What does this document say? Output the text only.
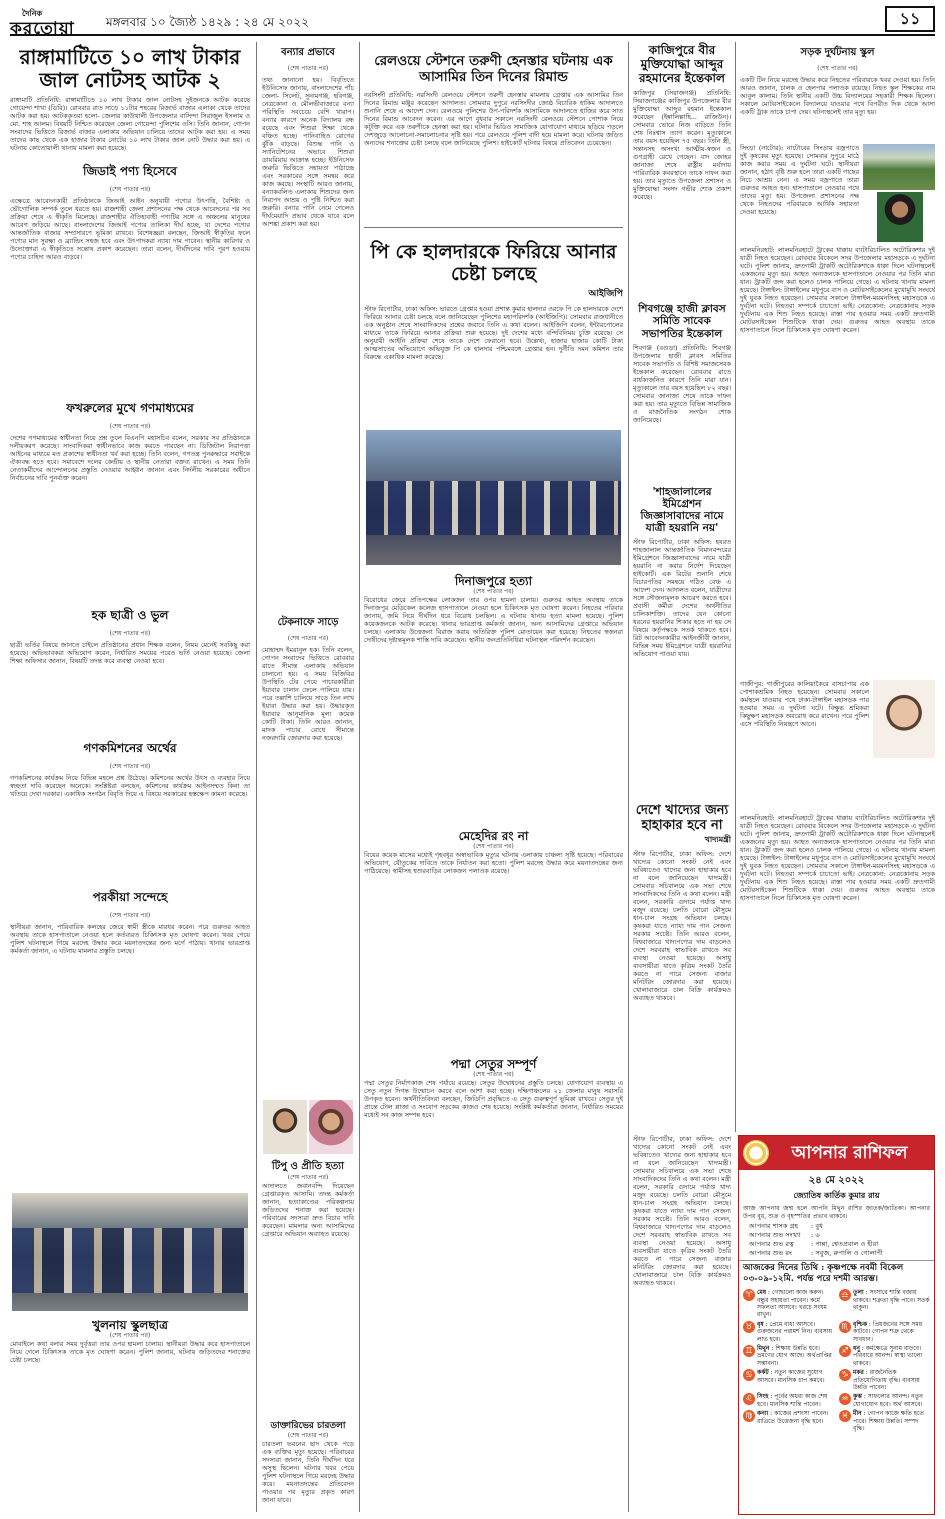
দৈনিক
করতোয়া	মঙ্গলবার ১০ জ্যৈষ্ঠ ১৪২৯ : ২৪ মে ২০২২	১১
রাঙ্গামাটিতে ১০ লাখ টাকার জাল নোটসহ আটক ২
রাঙ্গামাটি প্রতিনিধি: রাঙ্গামাটিতে ১০ লাখ টাকার জাল নোটসহ দুইজনকে আটক করেছে গোয়েন্দা শাখা (ডিবি)। রোববার রাত সাড়ে ১১টার শহরের রিজার্ভ বাজার এলাকা থেকে তাদের আটক করা হয়। আটককৃতরা হলো- জেলার কাউখালী উপজেলার বাসিন্দা সিরাজুল ইসলাম ও মো. শাহ আলম। বিষয়টি নিশ্চিত করেছেন জেলা গোয়েন্দা পুলিশের ওসি। তিনি জানান, গোপন সংবাদের ভিত্তিতে রিজার্ভ বাজার এলাকায় অভিযান চালিয়ে তাদের আটক করা হয়। এ সময় তাদের কাছ থেকে এক হাজার টাকার নোটের ১০ লাখ টাকার জাল নোট উদ্ধার করা হয়। এ ঘটনায় কোতোয়ালী থানায় মামলা করা হয়েছে।
জিডাই পণ্য হিসেবে
(শেষ পাতার পর)
এক্ষেত্রে আবেদনকারী প্রতিষ্ঠানকে জিআই আইন অনুযায়ী পণ্যের উৎপত্তি, বৈশিষ্ট্য ও ভৌগোলিক সম্পর্ক তুলে ধরতে হয়। রাজশাহী জেলা প্রশাসনের পক্ষ থেকে আবেদনের পর সব প্রক্রিয়া শেষে এ স্বীকৃতি মিলেছে। রাজশাহীর ঐতিহ্যবাহী পণ্যটির সঙ্গে এ অঞ্চলের মানুষের আবেগ জড়িয়ে আছে। বাংলাদেশের জিআই পণ্যের তালিকা দীর্ঘ হচ্ছে, যা দেশের পণ্যের আন্তর্জাতিক বাজার সম্প্রসারণে ভূমিকা রাখবে। বিশেষজ্ঞরা বলছেন, জিআই স্বীকৃতির ফলে পণ্যের মান সুরক্ষা ও ব্র্যান্ডিং সহজ হবে এবং উৎপাদকরা ন্যায্য দাম পাবেন। স্থানীয় কারিগর ও উদ্যোক্তারা এ স্বীকৃতিতে সন্তোষ প্রকাশ করেছেন। তারা বলেন, দীর্ঘদিনের দাবি পূরণ হওয়ায় পণ্যের চাহিদা আরও বাড়বে।
ফখরুলের মুখে গণমাধ্যমের
(শেষ পাতার পর)
দেশের গণমাধ্যমের স্বাধীনতা নিয়ে প্রশ্ন তুলে বিএনপি মহাসচিব বলেন, সরকার সব প্রতিষ্ঠানকে দলীয়করণ করেছে। সাংবাদিকরা স্বাধীনভাবে কাজ করতে পারছেন না। ডিজিটাল নিরাপত্তা আইনের মাধ্যমে মত প্রকাশের স্বাধীনতা খর্ব করা হচ্ছে। তিনি বলেন, গণতন্ত্র পুনরুদ্ধারে সবাইকে ঐক্যবদ্ধ হতে হবে। সমাবেশে দলের কেন্দ্রীয় ও স্থানীয় নেতারা বক্তব্য রাখেন। এ সময় তিনি নেতাকর্মীদের আন্দোলনের প্রস্তুতি নেওয়ার আহ্বান জানান এবং নির্দলীয় সরকারের অধীনে নির্বাচনের দাবি পুনর্ব্যক্ত করেন।
হক ছাত্রী ও ভুল
(শেষ পাতার পর)
ছাত্রী ভর্তির বিষয়ে জানতে চাইলে প্রতিষ্ঠানের প্রধান শিক্ষক বলেন, নিয়ম মেনেই সবকিছু করা হয়েছে। অভিভাবকরা অভিযোগ করেন, নির্ধারিত সময়ের পরেও ভর্তি নেওয়া হয়েছে। জেলা শিক্ষা অফিসার জানান, বিষয়টি তদন্ত করে ব্যবস্থা নেওয়া হবে।
গণকমিশনের অর্থের
(শেষ পাতার পর)
গণকমিশনের কার্যক্রম নিয়ে বিভিন্ন মহলে প্রশ্ন উঠেছে। কমিশনের অর্থের উৎস ও ব্যবহার নিয়ে স্বচ্ছতা দাবি করেছেন অনেকে। সংশ্লিষ্টরা বলছেন, কমিশনের কার্যক্রম আইনসম্মত কিনা তা খতিয়ে দেখা দরকার। একাধিক সংগঠন বিবৃতি দিয়ে এ বিষয়ে সরকারের হস্তক্ষেপ কামনা করেছে।
পরকীয়া সন্দেহে
(শেষ পাতার পর)
স্থানীয়রা জানান, পারিবারিক কলহের জেরে স্বামী স্ত্রীকে মারধর করেন। পরে গুরুতর আহত অবস্থায় তাকে হাসপাতালে নেওয়া হলে কর্তব্যরত চিকিৎসক মৃত ঘোষণা করেন। খবর পেয়ে পুলিশ ঘটনাস্থলে গিয়ে মরদেহ উদ্ধার করে ময়নাতদন্তের জন্য মর্গে পাঠায়। থানার ভারপ্রাপ্ত কর্মকর্তা জানান, এ ঘটনায় মামলার প্রস্তুতি চলছে।
খুলনায় স্কুলছাত্র
(শেষ পাতার পর)
মোবাইলে কথা বলার সময় দুর্বৃত্তরা তার ওপর হামলা চালায়। স্থানীয়রা উদ্ধার করে হাসপাতালে নিয়ে গেলে চিকিৎসক তাকে মৃত ঘোষণা করেন। পুলিশ জানায়, ঘটনায় জড়িতদের শনাক্তের চেষ্টা চলছে।
বন্যার প্রভাবে
(শেষ পাতার পর)
তথ্য জানানো হয়। বিবৃতিতে ইউনিসেফ জানায়, বাংলাদেশের পাঁচ জেলা- সিলেট, সুনামগঞ্জ, হবিগঞ্জ, নেত্রকোনা ও মৌলভীবাজারে বন্যা পরিস্থিতি সবচেয়ে বেশি খারাপ। বন্যার কারণে অনেক বিদ্যালয় বন্ধ রয়েছে এবং শিশুরা শিক্ষা থেকে বঞ্চিত হচ্ছে। পানিবাহিত রোগের ঝুঁকি বাড়ছে। বিশুদ্ধ পানি ও স্যানিটেশনের অভাবে শিশুরা ডায়রিয়ায় আক্রান্ত হচ্ছে। ইউনিসেফ জরুরি ভিত্তিতে সহায়তা পাঠাচ্ছে এবং সরকারের সঙ্গে সমন্বয় করে কাজ করছে। সংস্থাটি আরও জানায়, বন্যাকবলিত এলাকায় শিশুদের জন্য নিরাপদ আশ্রয় ও পুষ্টি নিশ্চিত করা জরুরি। বন্যার পানি নেমে গেলেও দীর্ঘমেয়াদি প্রভাব থেকে যাবে বলে আশঙ্কা প্রকাশ করা হয়।
টেকনাফে সাড়ে
(শেষ পাতার পর)
মোহাম্মদ ইমরানুল হক। তিনি বলেন, গোপন সংবাদের ভিত্তিতে রোববার রাতে সীমান্ত এলাকায় অভিযান চালানো হয়। এ সময় বিজিবির উপস্থিতি টের পেয়ে পাচারকারীরা ইয়াবার চালান ফেলে পালিয়ে যায়। পরে তল্লাশি চালিয়ে সাড়ে তিন লাখ ইয়াবা উদ্ধার করা হয়। উদ্ধারকৃত ইয়াবার আনুমানিক মূল্য কয়েক কোটি টাকা। তিনি আরও জানান, মাদক পাচার রোধে সীমান্তে নজরদারি জোরদার করা হয়েছে।
টিপু ও প্রীতি হত্যা
(শেষ পাতার পর)
আদালতে জবানবন্দি দিয়েছেন গ্রেপ্তারকৃত আসামি। তদন্ত কর্মকর্তা জানান, হত্যাকাণ্ডের পরিকল্পনায় জড়িতদের শনাক্ত করা হয়েছে। পরিবারের সদস্যরা দ্রুত বিচার দাবি করেছেন। মামলার অন্য আসামিদের গ্রেপ্তারে অভিযান অব্যাহত রয়েছে।
ডাক্তারিভের চারতলা
(শেষ পাতার পর)
চারতলা ভবনের ছাদ থেকে পড়ে এক ব্যক্তির মৃত্যু হয়েছে। পরিবারের সদস্যরা জানান, তিনি দীর্ঘদিন ধরে অসুস্থ ছিলেন। ঘটনার খবর পেয়ে পুলিশ ঘটনাস্থলে গিয়ে মরদেহ উদ্ধার করে। ময়নাতদন্তের প্রতিবেদন পাওয়ার পর মৃত্যুর প্রকৃত কারণ জানা যাবে।
রেলওয়ে স্টেশনে তরুণী হেনস্তার ঘটনায় এক আসামির তিন দিনের রিমান্ড
নরসিংদী প্রতিনিধি: নরসিংদী রেলওয়ে স্টেশনে তরুণী হেনস্তার মামলায় গ্রেপ্তার এক আসামির তিন দিনের রিমান্ড মঞ্জুর করেছেন আদালত। সোমবার দুপুরে নরসিংদীর জ্যেষ্ঠ বিচারিক হাকিম আদালতে শুনানি শেষে এ আদেশ দেন। রেলওয়ে পুলিশের উপ-পরিদর্শক আসামিকে আদালতে হাজির করে সাত দিনের রিমান্ড আবেদন করেন। এর আগে বুধবার সকালে নরসিংদী রেলওয়ে স্টেশনে পোশাক নিয়ে কটূক্তি করে এক তরুণীকে হেনস্তা করা হয়। ঘটনার ভিডিও সামাজিক যোগাযোগ মাধ্যমে ছড়িয়ে পড়লে দেশজুড়ে আলোচনা-সমালোচনার সৃষ্টি হয়। পরে রেলওয়ে পুলিশ বাদী হয়ে মামলা করে। ঘটনায় জড়িত অন্যদের শনাক্তের চেষ্টা চলছে বলে জানিয়েছে পুলিশ। হাইকোর্ট ঘটনার বিষয়ে প্রতিবেদন চেয়েছেন।
পি কে হালদারকে ফিরিয়ে আনার চেষ্টা চলছে
আইজিপি
স্টাফ রিপোর্টার, ঢাকা অফিস: ভারতে গ্রেপ্তার হওয়া প্রশান্ত কুমার হালদার ওরফে পি কে হালদারকে দেশে ফিরিয়ে আনার চেষ্টা চলছে বলে জানিয়েছেন পুলিশের মহাপরিদর্শক (আইজিপি)। সোমবার রাজধানীতে এক অনুষ্ঠান শেষে সাংবাদিকদের প্রশ্নের জবাবে তিনি এ কথা বলেন। আইজিপি বলেন, ইন্টারপোলের মাধ্যমে তাকে ফিরিয়ে আনার প্রক্রিয়া শুরু হয়েছে। দুই দেশের মধ্যে বন্দিবিনিময় চুক্তি রয়েছে। সে অনুযায়ী আইনি প্রক্রিয়া শেষে তাকে দেশে ফেরানো হবে। উল্লেখ্য, হাজার হাজার কোটি টাকা আত্মসাতের অভিযোগে অভিযুক্ত পি কে হালদার পশ্চিমবঙ্গে গ্রেপ্তার হন। দুর্নীতি দমন কমিশন তার বিরুদ্ধে একাধিক মামলা করেছে।
দিনাজপুরে হত্যা
(শেষ পাতার পর)
বিরোধের জেরে প্রতিপক্ষের লোকজন তার ওপর হামলা চালায়। গুরুতর আহত অবস্থায় তাকে দিনাজপুর মেডিকেল কলেজ হাসপাতালে নেওয়া হলে চিকিৎসক মৃত ঘোষণা করেন। নিহতের পরিবার জানায়, জমি নিয়ে দীর্ঘদিন ধরে বিরোধ চলছিল। এ ঘটনায় থানায় হত্যা মামলা হয়েছে। পুলিশ কয়েকজনকে আটক করেছে। থানার ভারপ্রাপ্ত কর্মকর্তা জানান, অন্য আসামিদের গ্রেপ্তারে অভিযান চলছে। এলাকায় উত্তেজনা বিরাজ করায় অতিরিক্ত পুলিশ মোতায়েন করা হয়েছে। নিহতের স্বজনরা দোষীদের দৃষ্টান্তমূলক শাস্তি দাবি করেছেন। স্থানীয় জনপ্রতিনিধিরা ঘটনাস্থল পরিদর্শন করেছেন।
মেহেদির রং না
(শেষ পাতার পর)
বিয়ের কয়েক মাসের মধ্যেই গৃহবধূর অস্বাভাবিক মৃত্যুর ঘটনায় এলাকায় চাঞ্চল্য সৃষ্টি হয়েছে। পরিবারের অভিযোগ, যৌতুকের দাবিতে তাকে নির্যাতন করা হতো। পুলিশ মরদেহ উদ্ধার করে ময়নাতদন্তের জন্য পাঠিয়েছে। স্বামীসহ শ্বশুরবাড়ির লোকজন পলাতক রয়েছে।
পদ্মা সেতুর সম্পূর্ণ
(শেষ পাতার পর)
পদ্মা সেতুর নির্মাণকাজ শেষ পর্যায়ে রয়েছে। সেতুর উদ্বোধনের প্রস্তুতি চলছে। যোগাযোগ ব্যবস্থায় এ সেতু নতুন দিগন্ত উন্মোচন করবে বলে আশা করা হচ্ছে। দক্ষিণাঞ্চলের ২১ জেলার মানুষ সরাসরি উপকৃত হবেন। অর্থনীতিবিদরা বলছেন, জিডিপি প্রবৃদ্ধিতে এ সেতু গুরুত্বপূর্ণ ভূমিকা রাখবে। সেতুর দুই প্রান্তে টোল প্লাজা ও সংযোগ সড়কের কাজও শেষ হয়েছে। সংশ্লিষ্ট কর্মকর্তারা জানান, নির্ধারিত সময়ের মধ্যেই সব কাজ সম্পন্ন হবে।
কাজিপুরে বীর মুক্তিযোদ্ধা আব্দুর রহমানের ইন্তেকাল
কাজিপুর (সিরাজগঞ্জ) প্রতিনিধি: সিরাজগঞ্জের কাজিপুর উপজেলার বীর মুক্তিযোদ্ধা আব্দুর রহমান ইন্তেকাল করেছেন (ইন্নালিল্লাহি... রাজিউন)। সোমবার ভোরে নিজ বাড়িতে তিনি শেষ নিঃশ্বাস ত্যাগ করেন। মৃত্যুকালে তার বয়স হয়েছিল ৭৫ বছর। তিনি স্ত্রী, সন্তানসহ অসংখ্য আত্মীয়-স্বজন ও গুণগ্রাহী রেখে গেছেন। বাদ জোহর জানাজা শেষে রাষ্ট্রীয় মর্যাদায় পারিবারিক কবরস্থানে তাকে দাফন করা হয়। তার মৃত্যুতে উপজেলা প্রশাসন ও মুক্তিযোদ্ধা সংসদ গভীর শোক প্রকাশ করেছে।
শিবগঞ্জে হাজী ক্লাবস সমিতি সাবেক সভাপতির ইন্তেকাল
শিবগঞ্জ (বগুড়া) প্রতিনিধি: শিবগঞ্জ উপজেলার হাজী ক্লাবস সমিতির সাবেক সভাপতি ও বিশিষ্ট সমাজসেবক ইন্তেকাল করেছেন। রোববার রাতে বার্ধক্যজনিত কারণে তিনি মারা যান। মৃত্যুকালে তার বয়স হয়েছিল ৮২ বছর। সোমবার জানাজা শেষে তাকে দাফন করা হয়। তার মৃত্যুতে বিভিন্ন সামাজিক ও রাজনৈতিক সংগঠন শোক জানিয়েছে।
'শাহজালালের ইমিগ্রেশন জিজ্ঞাসাবাদের নামে যাত্রী হয়রানি নয়'
স্টাফ রিপোর্টার, ঢাকা অফিস: হযরত শাহজালাল আন্তর্জাতিক বিমানবন্দরের ইমিগ্রেশনে জিজ্ঞাসাবাদের নামে যাত্রী হয়রানি না করার নির্দেশ দিয়েছেন হাইকোর্ট। এক রিটের শুনানি শেষে বিচারপতির সমন্বয়ে গঠিত বেঞ্চ এ আদেশ দেন। আদালত বলেন, যাত্রীদের সঙ্গে সৌজন্যমূলক আচরণ করতে হবে। প্রবাসী কর্মীরা দেশের অর্থনীতির চালিকাশক্তি। তাদের যেন কোনো ধরনের হয়রানির শিকার হতে না হয় সে বিষয়ে কর্তৃপক্ষকে সতর্ক থাকতে হবে। রিট আবেদনকারীর আইনজীবী জানান, বিভিন্ন সময় ইমিগ্রেশনে যাত্রী হয়রানির অভিযোগ পাওয়া যায়।
দেশে খাদ্যের জন্য হাহাকার হবে না
খাদ্যমন্ত্রী
স্টাফ রিপোর্টার, ঢাকা অফিস: দেশে খাদ্যের কোনো সংকট নেই এবং ভবিষ্যতেও খাদ্যের জন্য হাহাকার হবে না বলে জানিয়েছেন খাদ্যমন্ত্রী। সোমবার সচিবালয়ে এক সভা শেষে সাংবাদিকদের তিনি এ কথা বলেন। মন্ত্রী বলেন, সরকারি গুদামে পর্যাপ্ত খাদ্য মজুদ রয়েছে। চলতি বোরো মৌসুমে ধান-চাল সংগ্রহ অভিযান চলছে। কৃষকরা যাতে ন্যায্য দাম পান সেজন্য সরকার সচেষ্ট। তিনি আরও বলেন, বিশ্ববাজারে খাদ্যপণ্যের দাম বাড়লেও দেশে সরবরাহ স্বাভাবিক রাখতে সব ব্যবস্থা নেওয়া হয়েছে। অসাধু ব্যবসায়ীরা যাতে কৃত্রিম সংকট তৈরি করতে না পারে সেজন্য বাজার মনিটরিং জোরদার করা হয়েছে। খোলাবাজারে চাল বিক্রি কার্যক্রমও অব্যাহত থাকবে।
স্টাফ রিপোর্টার, ঢাকা অফিস: দেশে খাদ্যের কোনো সংকট নেই এবং ভবিষ্যতেও খাদ্যের জন্য হাহাকার হবে না বলে জানিয়েছেন খাদ্যমন্ত্রী। সোমবার সচিবালয়ে এক সভা শেষে সাংবাদিকদের তিনি এ কথা বলেন। মন্ত্রী বলেন, সরকারি গুদামে পর্যাপ্ত খাদ্য মজুদ রয়েছে। চলতি বোরো মৌসুমে ধান-চাল সংগ্রহ অভিযান চলছে। কৃষকরা যাতে ন্যায্য দাম পান সেজন্য সরকার সচেষ্ট। তিনি আরও বলেন, বিশ্ববাজারে খাদ্যপণ্যের দাম বাড়লেও দেশে সরবরাহ স্বাভাবিক রাখতে সব ব্যবস্থা নেওয়া হয়েছে। অসাধু ব্যবসায়ীরা যাতে কৃত্রিম সংকট তৈরি করতে না পারে সেজন্য বাজার মনিটরিং জোরদার করা হয়েছে। খোলাবাজারে চাল বিক্রি কার্যক্রমও অব্যাহত থাকবে।
সড়ক দুর্ঘটনায় স্কুল
(শেষ পাতার পর)
একটি টিন নিয়ে মরদেহ উদ্ধার করে নিহতের পরিবারকে খবর দেওয়া হয়। তিনি আরও জানান, চালক ও হেলপার পলাতক রয়েছে। নিহত স্কুল শিক্ষকের নাম আবুল কালাম। তিনি স্থানীয় একটি উচ্চ বিদ্যালয়ের সহকারী শিক্ষক ছিলেন। সকালে মোটরসাইকেলে বিদ্যালয়ে যাওয়ার পথে বিপরীত দিক থেকে আসা একটি ট্রাক তাকে চাপা দেয়। ঘটনাস্থলেই তার মৃত্যু হয়।
সিংড়া (নাটোর): নাটোরের সিংড়ায় বজ্রপাতে দুই কৃষকের মৃত্যু হয়েছে। সোমবার দুপুরে মাঠে কাজ করার সময় এ দুর্ঘটনা ঘটে। স্থানীয়রা জানান, হঠাৎ বৃষ্টি শুরু হলে তারা একটি গাছের নিচে আশ্রয় নেন। এ সময় বজ্রপাতে তারা গুরুতর আহত হন। হাসপাতালে নেওয়ার পথে তাদের মৃত্যু হয়। উপজেলা প্রশাসনের পক্ষ থেকে নিহতদের পরিবারকে আর্থিক সহায়তা দেওয়া হয়েছে।
লালমনিরহাট: লালমনিরহাটে ট্রাকের ধাক্কায় ব্যাটারিচালিত অটোরিকশার দুই যাত্রী নিহত হয়েছেন। রোববার বিকেলে সদর উপজেলার মহাসড়কে এ দুর্ঘটনা ঘটে। পুলিশ জানায়, দ্রুতগামী ট্রাকটি অটোরিকশাকে ধাক্কা দিলে ঘটনাস্থলেই একজনের মৃত্যু হয়। আহত অন্যজনকে হাসপাতালে নেওয়ার পর তিনি মারা যান। ট্রাকটি জব্দ করা হলেও চালক পালিয়ে গেছে। এ ঘটনায় থানায় মামলা হয়েছে। টাঙ্গাইল: টাঙ্গাইলের মধুপুরে বাস ও মোটরসাইকেলের মুখোমুখি সংঘর্ষে দুই যুবক নিহত হয়েছেন। সোমবার সকালে টাঙ্গাইল-ময়মনসিংহ মহাসড়কে এ দুর্ঘটনা ঘটে। নিহতরা সম্পর্কে চাচাতো ভাই। নেত্রকোনা: নেত্রকোনায় সড়ক দুর্ঘটনায় এক শিশু নিহত হয়েছে। রাস্তা পার হওয়ার সময় একটি দ্রুতগামী মোটরসাইকেল শিশুটিকে ধাক্কা দেয়। গুরুতর আহত অবস্থায় তাকে হাসপাতালে নিলে চিকিৎসক মৃত ঘোষণা করেন।
গাজীপুর: গাজীপুরের কালিয়াকৈরে বাসচাপায় এক পোশাকশ্রমিক নিহত হয়েছেন। সোমবার সকালে কর্মস্থলে যাওয়ার পথে ঢাকা-টাঙ্গাইল মহাসড়ক পার হওয়ার সময় এ দুর্ঘটনা ঘটে। বিক্ষুব্ধ শ্রমিকরা কিছুক্ষণ মহাসড়ক অবরোধ করে রাখেন। পরে পুলিশ এসে পরিস্থিতি নিয়ন্ত্রণে আনে।
লালমনিরহাট: লালমনিরহাটে ট্রাকের ধাক্কায় ব্যাটারিচালিত অটোরিকশার দুই যাত্রী নিহত হয়েছেন। রোববার বিকেলে সদর উপজেলার মহাসড়কে এ দুর্ঘটনা ঘটে। পুলিশ জানায়, দ্রুতগামী ট্রাকটি অটোরিকশাকে ধাক্কা দিলে ঘটনাস্থলেই একজনের মৃত্যু হয়। আহত অন্যজনকে হাসপাতালে নেওয়ার পর তিনি মারা যান। ট্রাকটি জব্দ করা হলেও চালক পালিয়ে গেছে। এ ঘটনায় থানায় মামলা হয়েছে। টাঙ্গাইল: টাঙ্গাইলের মধুপুরে বাস ও মোটরসাইকেলের মুখোমুখি সংঘর্ষে দুই যুবক নিহত হয়েছেন। সোমবার সকালে টাঙ্গাইল-ময়মনসিংহ মহাসড়কে এ দুর্ঘটনা ঘটে। নিহতরা সম্পর্কে চাচাতো ভাই। নেত্রকোনা: নেত্রকোনায় সড়ক দুর্ঘটনায় এক শিশু নিহত হয়েছে। রাস্তা পার হওয়ার সময় একটি দ্রুতগামী মোটরসাইকেল শিশুটিকে ধাক্কা দেয়। গুরুতর আহত অবস্থায় তাকে হাসপাতালে নিলে চিকিৎসক মৃত ঘোষণা করেন।
আপনার রাশিফল
২৪ মে ২০২২
জ্যোতিষ কার্তিক কুমার রায়
আজ আপনার জন্ম হলে আপনি মিথুন রাশির জাতক/জাতিকা। আপনার উপর বুধ, শুক্র ও বৃহস্পতির প্রভাব থাকবে।
আপনার শাসক গ্রহ : বুধ
আপনার শুভ সংখ্যা : ৬
আপনার শুভ রত্ন	: পান্না, শ্বেতপ্রবাল ও হীরা
আপনার শুভ রং	: সবুজ, রুপালি ও গোলাপী
আজকের দিনের তিথি : কৃষ্ণপক্ষে নবমী বিকেল ০৩-০৯-১২মি. পর্যন্ত পরে দশমী আরম্ভ।
♈ মেষ : গোছালো কাজ করুন। বন্ধুর সহায়তা পাবেন। কর্মে সফলতা আসবে। খরচে সংযম রাখুন।
♎ তুলা : সংসারে শান্তি বজায় থাকবে। শত্রুতা বৃদ্ধি পাবে। সতর্ক থাকুন।
♉ বৃষ : প্রেমে বাধা আসবে। গুরুজনের পরামর্শ নিন। ব্যবসায় লাভ হবে।
♏ বৃশ্চিক : প্রিয়জনের সঙ্গে সময় কাটবে। গোপন শত্রু থেকে সাবধান।
♊ মিথুন : শিক্ষায় উন্নতি হবে। ভ্রমণের যোগ আছে। অর্থপ্রাপ্তির সম্ভাবনা।
♐ ধনু : কর্মক্ষেত্রে সুনাম বাড়বে। পরিবারে আনন্দ। স্বাস্থ্য ভালো থাকবে।
♋ কর্কট : নতুন কাজের সুযোগ আসবে। মানসিক চাপ কমবে।
♑ মকর : রাজনৈতিক প্রতিযোগিতায় বৃদ্ধি। ব্যবসায় উন্নতি পাবেন।
♌ সিংহ : পূর্বের অধরা কাজ শেষ হবে। মানসিক শান্তি পাবেন।
♒ কুম্ভ : সাফল্যের আনন্দ। নতুন যোগাযোগ হবে। অর্থ আসবে।
♍ কন্যা : কাজের প্রশংসা পাবেন। রাত্রিতে উত্তেজনা বৃদ্ধি হবে।
♓ মীন : গোপন কাজে ক্ষতি হতে পারে। শিক্ষায় উন্নতি। সম্পদ বৃদ্ধি।
